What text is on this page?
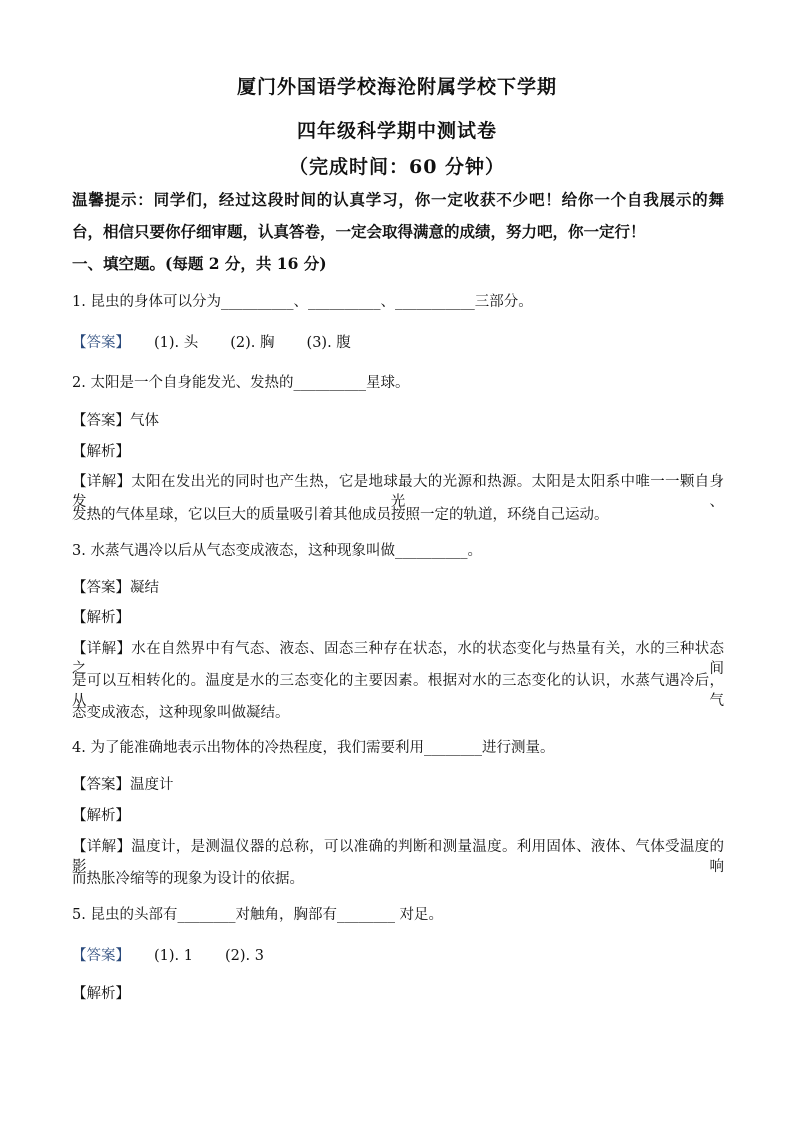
厦门外国语学校海沧附属学校下学期
四年级科学期中测试卷
（完成时间：60 分钟）
温馨提示：同学们，经过这段时间的认真学习，你一定收获不少吧！给你一个自我展示的舞
台，相信只要你仔细审题，认真答卷，一定会取得满意的成绩，努力吧，你一定行！
一、填空题。(每题 2 分，共 16 分)
1. 昆虫的身体可以分为__________、__________、___________三部分。
【答案】 (1). 头 (2). 胸 (3). 腹
2. 太阳是一个自身能发光、发热的__________星球。
【答案】气体
【解析】
【详解】太阳在发出光的同时也产生热，它是地球最大的光源和热源。太阳是太阳系中唯一一颗自身发光、
发热的气体星球，它以巨大的质量吸引着其他成员按照一定的轨道，环绕自己运动。
3. 水蒸气遇冷以后从气态变成液态，这种现象叫做__________。
【答案】凝结
【解析】
【详解】水在自然界中有气态、液态、固态三种存在状态，水的状态变化与热量有关，水的三种状态之间
是可以互相转化的。温度是水的三态变化的主要因素。根据对水的三态变化的认识，水蒸气遇冷后，从气
态变成液态，这种现象叫做凝结。
4. 为了能准确地表示出物体的冷热程度，我们需要利用________进行测量。
【答案】温度计
【解析】
【详解】温度计，是测温仪器的总称，可以准确的判断和测量温度。利用固体、液体、气体受温度的影响
而热胀冷缩等的现象为设计的依据。
5. 昆虫的头部有________对触角，胸部有________ 对足。
【答案】 (1). 1 (2). 3
【解析】
